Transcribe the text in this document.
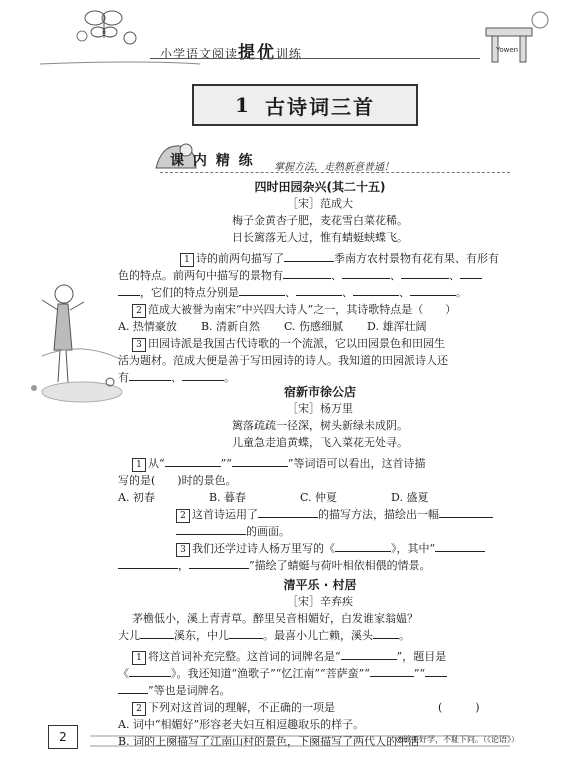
小学语文阅读提优训练	Yowen
1 古诗词三首
课 内 精 练 掌握方法，走熟新意普通！
四时田园杂兴(其二十五)
［宋］范成大
梅子金黄杏子肥，麦花雪白菜花稀。
日长篱落无人过，惟有蜻蜓蛱蝶飞。
1 诗的前两句描写了	季南方农村景物有花有果、有形有
色的特点。前两句中描写的景物有	、	、	、
，它们的特点分别是	、	、	、	。
2 范成大被誉为南宋“中兴四大诗人”之一，其诗歌特点是（　　）
A. 热情豪放 B. 清新自然 C. 伤感细腻 D. 雄浑壮阔
3 田园诗派是我国古代诗歌的一个流派，它以田园景色和田园生
活为题材。范成大便是善于写田园诗的诗人。我知道的田园派诗人还
有	、	。
宿新市徐公店
［宋］杨万里
篱落疏疏一径深，树头新绿未成阴。
儿童急走追黄蝶，飞入菜花无处寻。
1 从“	”“	”等词语可以看出，这首诗描
写的是(　　)时的景色。
A. 初春	B. 暮春	C. 仲夏	D. 盛夏
2 这首诗运用了	的描写方法，描绘出一幅
的画面。
3 我们还学过诗人杨万里写的《	》，其中“
，	”描绘了蜻蜓与荷叶相依相偎的情景。
清平乐 · 村居
［宋］辛弃疾
茅檐低小，溪上青青草。醉里吴音相媚好，白发谁家翁媪？
大儿	溪东，中儿	。最喜小儿亡赖，溪头 。
1 将这首词补充完整。这首词的词牌名是“	”，题目是
《	》。我还知道“渔歌子”“忆江南”“菩萨蛮”“	”“
”等也是词牌名。
2 下列对这首词的理解，不正确的一项是	(　　　)
A. 词中“相媚好”形容老夫妇互相逗趣取乐的样子。
B. 词的上阕描写了江南山村的景色，下阕描写了两代人的生活
2	◎敏而好学，不耻下问。（《论语》）
